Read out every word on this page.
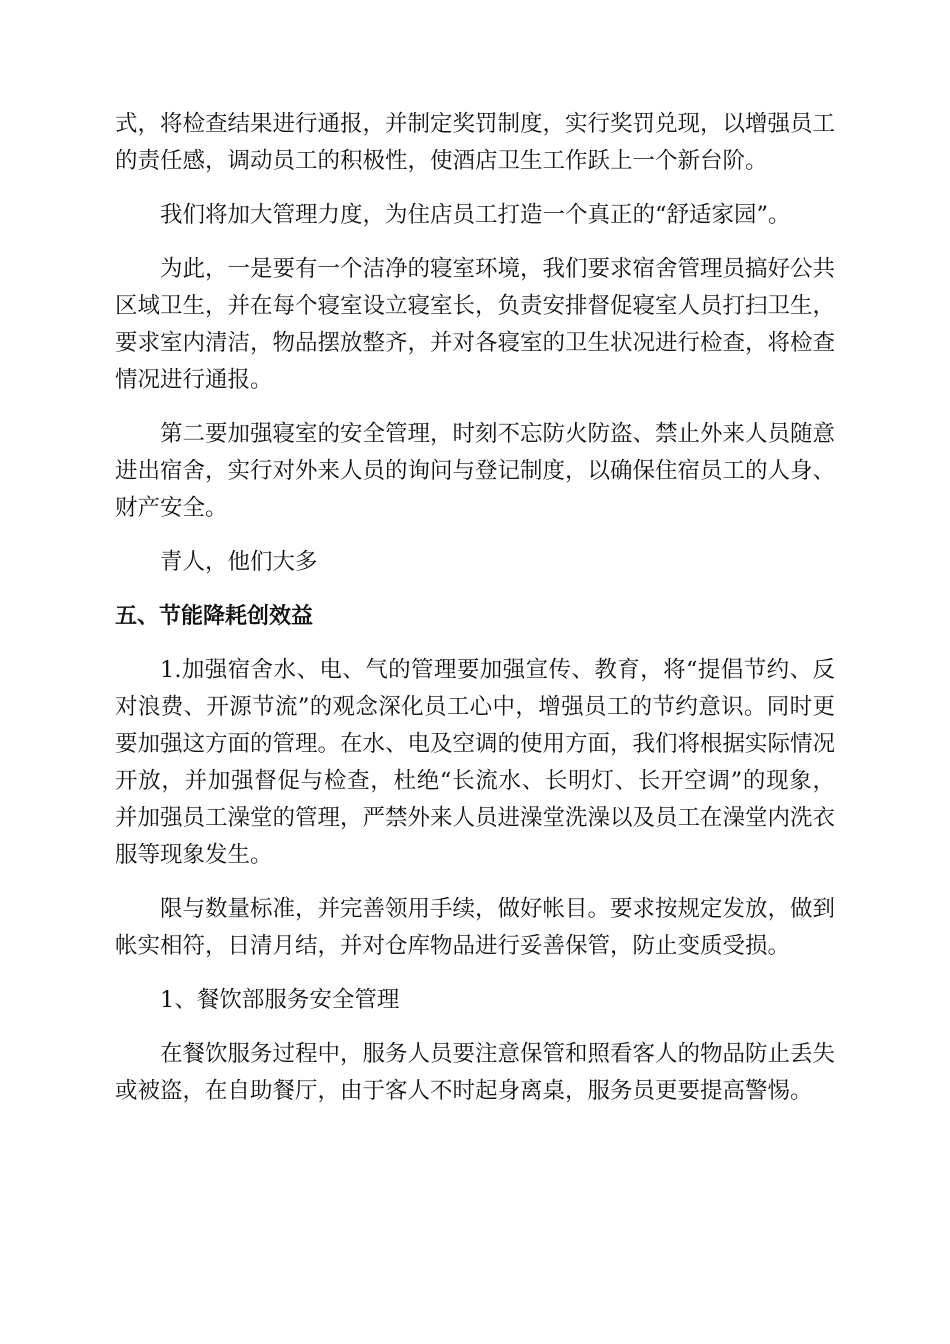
式，将检查结果进行通报，并制定奖罚制度，实行奖罚兑现，以增强员工的责任感，调动员工的积极性，使酒店卫生工作跃上一个新台阶。

我们将加大管理力度，为住店员工打造一个真正的“舒适家园”。

为此，一是要有一个洁净的寝室环境，我们要求宿舍管理员搞好公共区域卫生，并在每个寝室设立寝室长，负责安排督促寝室人员打扫卫生，要求室内清洁，物品摆放整齐，并对各寝室的卫生状况进行检查，将检查情况进行通报。

第二要加强寝室的安全管理，时刻不忘防火防盗、禁止外来人员随意进出宿舍，实行对外来人员的询问与登记制度，以确保住宿员工的人身、财产安全。

青人，他们大多

五、节能降耗创效益

1.加强宿舍水、电、气的管理要加强宣传、教育，将“提倡节约、反对浪费、开源节流”的观念深化员工心中，增强员工的节约意识。同时更要加强这方面的管理。在水、电及空调的使用方面，我们将根据实际情况开放，并加强督促与检查，杜绝“长流水、长明灯、长开空调”的现象，并加强员工澡堂的管理，严禁外来人员进澡堂洗澡以及员工在澡堂内洗衣服等现象发生。

限与数量标准，并完善领用手续，做好帐目。要求按规定发放，做到帐实相符，日清月结，并对仓库物品进行妥善保管，防止变质受损。

1、餐饮部服务安全管理

在餐饮服务过程中，服务人员要注意保管和照看客人的物品防止丢失或被盗，在自助餐厅，由于客人不时起身离桌，服务员更要提高警惕。
